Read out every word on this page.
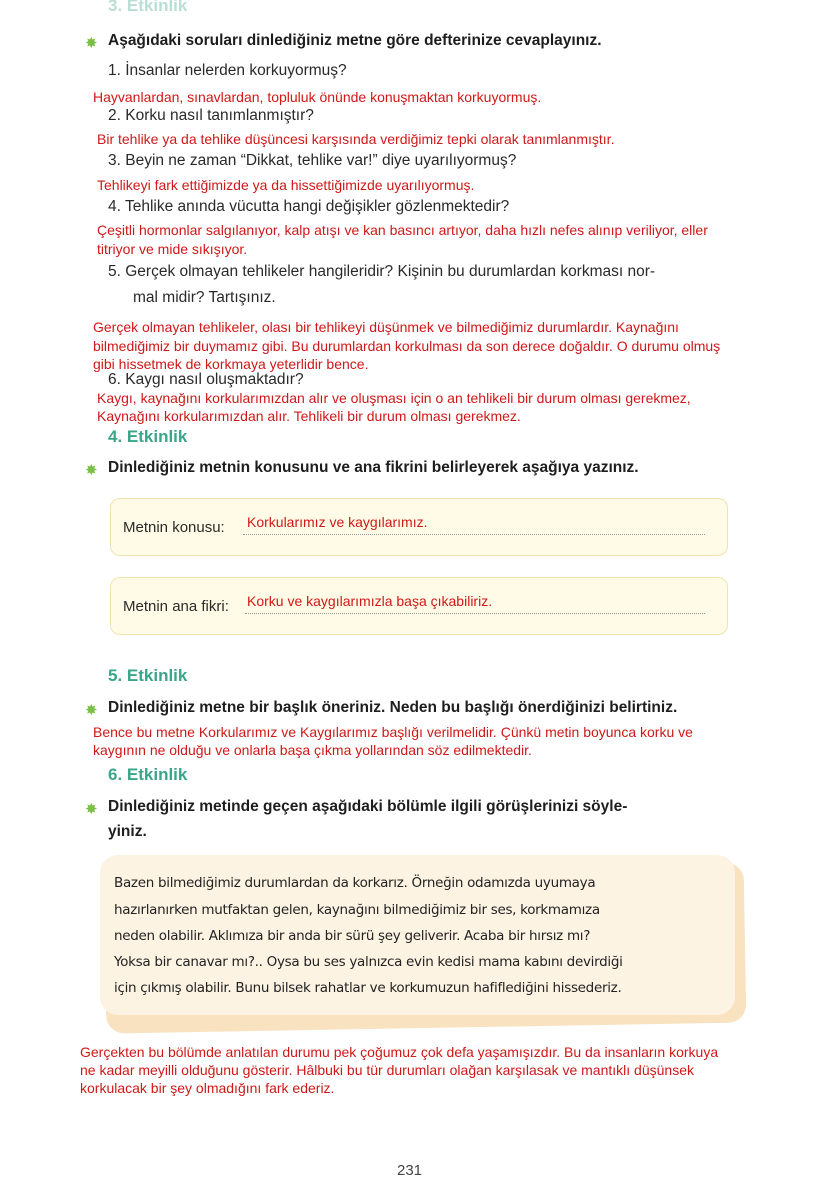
3. Etkinlik
✸ Aşağıdaki soruları dinlediğiniz metne göre defterinize cevaplayınız.
1. İnsanlar nelerden korkuyormuş?
Hayvanlardan, sınavlardan, topluluk önünde konuşmaktan korkuyormuş.
2. Korku nasıl tanımlanmıştır?
Bir tehlike ya da tehlike düşüncesi karşısında verdiğimiz tepki olarak tanımlanmıştır.
3. Beyin ne zaman “Dikkat, tehlike var!” diye uyarılıyormuş?
Tehlikeyi fark ettiğimizde ya da hissettiğimizde uyarılıyormuş.
4. Tehlike anında vücutta hangi değişikler gözlenmektedir?
Çeşitli hormonlar salgılanıyor, kalp atışı ve kan basıncı artıyor, daha hızlı nefes alınıp veriliyor, eller
titriyor ve mide sıkışıyor.
5. Gerçek olmayan tehlikeler hangileridir? Kişinin bu durumlardan korkması nor-
mal midir? Tartışınız.
Gerçek olmayan tehlikeler, olası bir tehlikeyi düşünmek ve bilmediğimiz durumlardır. Kaynağını
bilmediğimiz bir duymamız gibi. Bu durumlardan korkulması da son derece doğaldır. O durumu olmuş
gibi hissetmek de korkmaya yeterlidir bence.
6. Kaygı nasıl oluşmaktadır?
Kaygı, kaynağını korkularımızdan alır ve oluşması için o an tehlikeli bir durum olması gerekmez,
Kaynağını korkularımızdan alır. Tehlikeli bir durum olması gerekmez.
4. Etkinlik
✸ Dinlediğiniz metnin konusunu ve ana fikrini belirleyerek aşağıya yazınız.
Metnin konusu: Korkularımız ve kaygılarımız.
Metnin ana fikri: Korku ve kaygılarımızla başa çıkabiliriz.
5. Etkinlik
✸ Dinlediğiniz metne bir başlık öneriniz. Neden bu başlığı önerdiğinizi belirtiniz.
Bence bu metne Korkularımız ve Kaygılarımız başlığı verilmelidir. Çünkü metin boyunca korku ve
kaygının ne olduğu ve onlarla başa çıkma yollarından söz edilmektedir.
6. Etkinlik
✸ Dinlediğiniz metinde geçen aşağıdaki bölümle ilgili görüşlerinizi söyle-
yiniz.

Bazen bilmediğimiz durumlardan da korkarız. Örneğin odamızda uyumaya

hazırlanırken mutfaktan gelen, kaynağını bilmediğimiz bir ses, korkmamıza

neden olabilir. Aklımıza bir anda bir sürü şey geliverir. Acaba bir hırsız mı?

Yoksa bir canavar mı?.. Oysa bu ses yalnızca evin kedisi mama kabını devirdiği

için çıkmış olabilir. Bunu bilsek rahatlar ve korkumuzun hafiflediğini hissederiz.

Gerçekten bu bölümde anlatılan durumu pek çoğumuz çok defa yaşamışızdır. Bu da insanların korkuya
ne kadar meyilli olduğunu gösterir. Hâlbuki bu tür durumları olağan karşılasak ve mantıklı düşünsek
korkulacak bir şey olmadığını fark ederiz.
231
